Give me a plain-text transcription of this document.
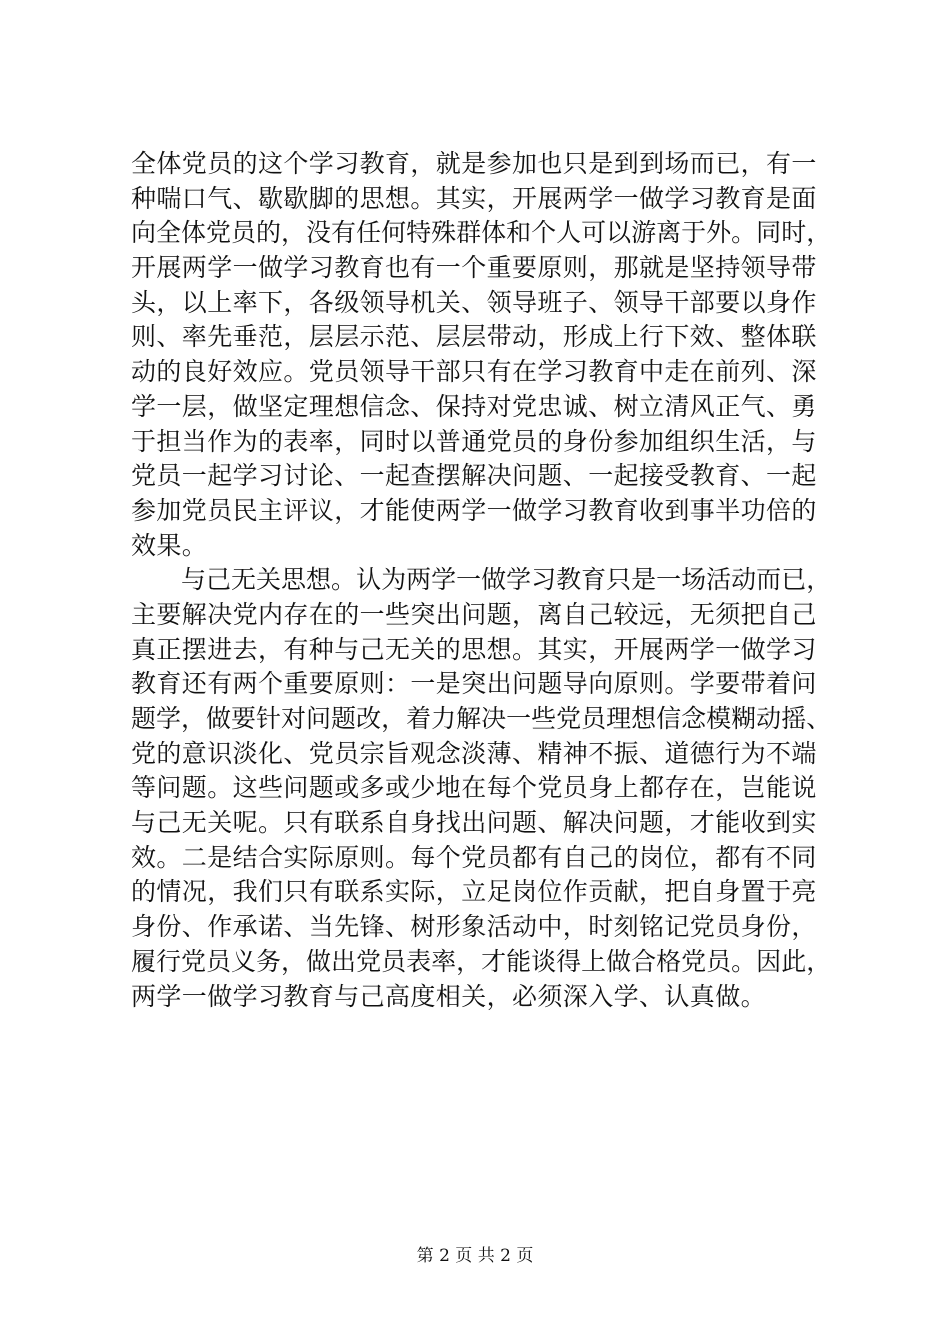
全体党员的这个学习教育，就是参加也只是到到场而已，有一
种喘口气、歇歇脚的思想。其实，开展两学一做学习教育是面
向全体党员的，没有任何特殊群体和个人可以游离于外。同时，
开展两学一做学习教育也有一个重要原则，那就是坚持领导带
头，以上率下，各级领导机关、领导班子、领导干部要以身作
则、率先垂范，层层示范、层层带动，形成上行下效、整体联
动的良好效应。党员领导干部只有在学习教育中走在前列、深
学一层，做坚定理想信念、保持对党忠诚、树立清风正气、勇
于担当作为的表率，同时以普通党员的身份参加组织生活，与
党员一起学习讨论、一起查摆解决问题、一起接受教育、一起
参加党员民主评议，才能使两学一做学习教育收到事半功倍的
效果。
　　与己无关思想。认为两学一做学习教育只是一场活动而已，
主要解决党内存在的一些突出问题，离自己较远，无须把自己
真正摆进去，有种与己无关的思想。其实，开展两学一做学习
教育还有两个重要原则：一是突出问题导向原则。学要带着问
题学，做要针对问题改，着力解决一些党员理想信念模糊动摇、
党的意识淡化、党员宗旨观念淡薄、精神不振、道德行为不端
等问题。这些问题或多或少地在每个党员身上都存在，岂能说
与己无关呢。只有联系自身找出问题、解决问题，才能收到实
效。二是结合实际原则。每个党员都有自己的岗位，都有不同
的情况，我们只有联系实际，立足岗位作贡献，把自身置于亮
身份、作承诺、当先锋、树形象活动中，时刻铭记党员身份，
履行党员义务，做出党员表率，才能谈得上做合格党员。因此，
两学一做学习教育与己高度相关，必须深入学、认真做。
第 2 页 共 2 页
